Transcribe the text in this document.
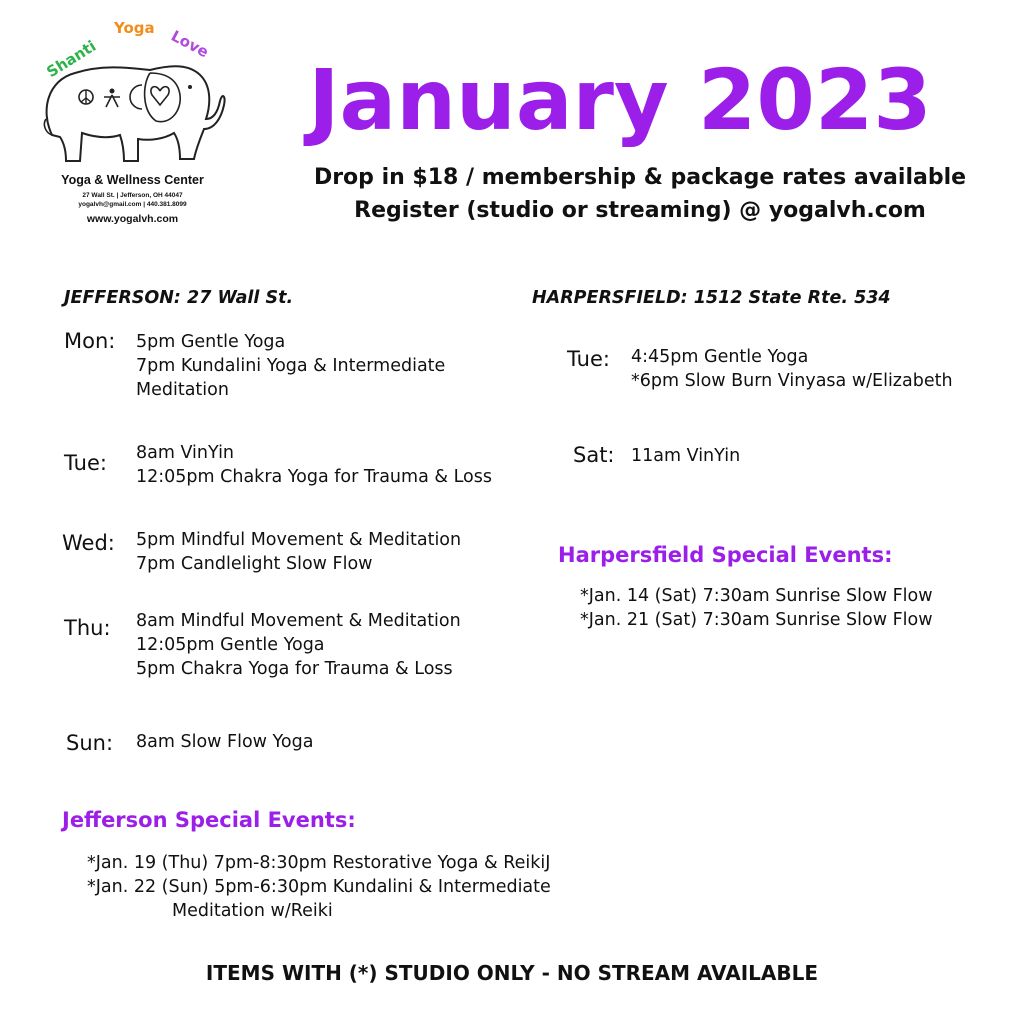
Shanti
Yoga Love
Yoga & Wellness Center
27 Wall St. | Jefferson, OH 44047
yogalvh@gmail.com | 440.381.8099
www.yogalvh.com
January 2023
Drop in $18 / membership & package rates available
Register (studio or streaming) @ yogalvh.com
JEFFERSON: 27 Wall St.	HARPERSFIELD: 1512 State Rte. 534
Mon: 5pm Gentle Yoga
7pm Kundalini Yoga & Intermediate
Meditation
Tue: 8am VinYin
12:05pm Chakra Yoga for Trauma & Loss
Wed: 5pm Mindful Movement & Meditation
7pm Candlelight Slow Flow
Thu: 8am Mindful Movement & Meditation
12:05pm Gentle Yoga
5pm Chakra Yoga for Trauma & Loss
Sun: 8am Slow Flow Yoga
Tue: 4:45pm Gentle Yoga
*6pm Slow Burn Vinyasa w/Elizabeth
Sat: 11am VinYin
Harpersfield Special Events:
*Jan. 14 (Sat) 7:30am Sunrise Slow Flow
*Jan. 21 (Sat) 7:30am Sunrise Slow Flow
Jefferson Special Events:
*Jan. 19 (Thu) 7pm-8:30pm Restorative Yoga & ReikiJ
*Jan. 22 (Sun) 5pm-6:30pm Kundalini & Intermediate
Meditation w/Reiki
ITEMS WITH (*) STUDIO ONLY - NO STREAM AVAILABLE
